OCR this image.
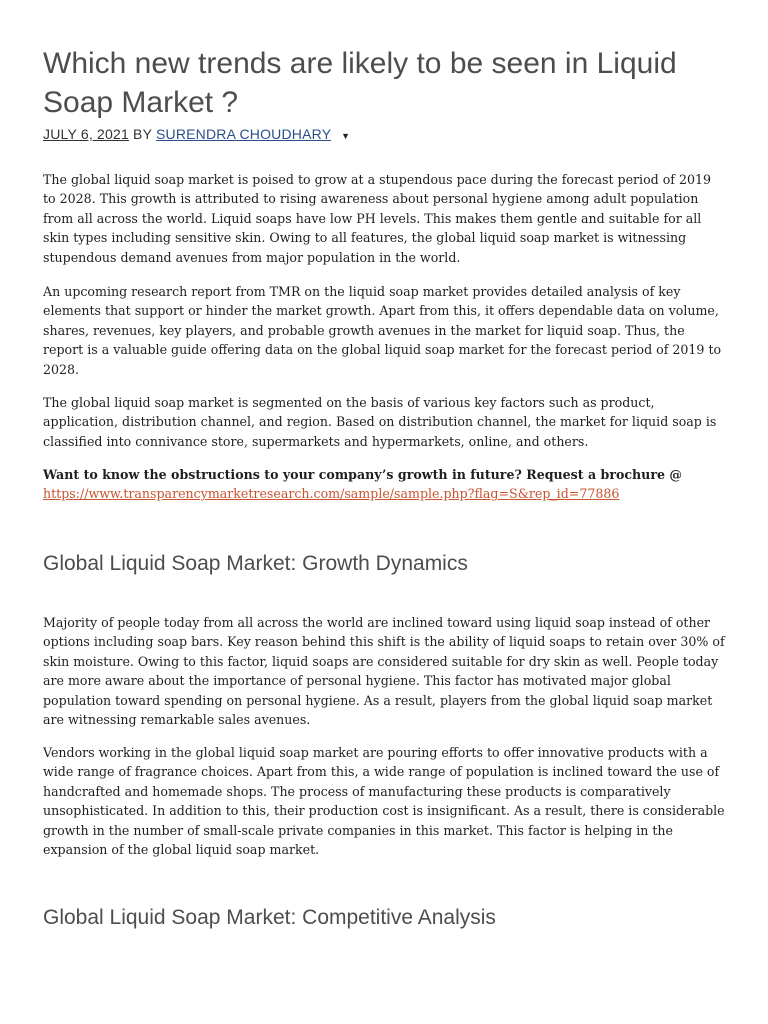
Which new trends are likely to be seen in Liquid Soap Market ?
JULY 6, 2021 BY SURENDRA CHOUDHARY ▼

The global liquid soap market is poised to grow at a stupendous pace during the forecast period of 2019 to 2028. This growth is attributed to rising awareness about personal hygiene among adult population from all across the world. Liquid soaps have low PH levels. This makes them gentle and suitable for all skin types including sensitive skin. Owing to all features, the global liquid soap market is witnessing stupendous demand avenues from major population in the world.

An upcoming research report from TMR on the liquid soap market provides detailed analysis of key elements that support or hinder the market growth. Apart from this, it offers dependable data on volume, shares, revenues, key players, and probable growth avenues in the market for liquid soap. Thus, the report is a valuable guide offering data on the global liquid soap market for the forecast period of 2019 to 2028.

The global liquid soap market is segmented on the basis of various key factors such as product, application, distribution channel, and region. Based on distribution channel, the market for liquid soap is classified into connivance store, supermarkets and hypermarkets, online, and others.

Want to know the obstructions to your company’s growth in future? Request a brochure @
https://www.transparencymarketresearch.com/sample/sample.php?flag=S&rep_id=77886

Global Liquid Soap Market: Growth Dynamics

Majority of people today from all across the world are inclined toward using liquid soap instead of other options including soap bars. Key reason behind this shift is the ability of liquid soaps to retain over 30% of skin moisture. Owing to this factor, liquid soaps are considered suitable for dry skin as well. People today are more aware about the importance of personal hygiene. This factor has motivated major global population toward spending on personal hygiene. As a result, players from the global liquid soap market are witnessing remarkable sales avenues.

Vendors working in the global liquid soap market are pouring efforts to offer innovative products with a wide range of fragrance choices. Apart from this, a wide range of population is inclined toward the use of handcrafted and homemade shops. The process of manufacturing these products is comparatively unsophisticated. In addition to this, their production cost is insignificant. As a result, there is considerable growth in the number of small-scale private companies in this market. This factor is helping in the expansion of the global liquid soap market.

Global Liquid Soap Market: Competitive Analysis
